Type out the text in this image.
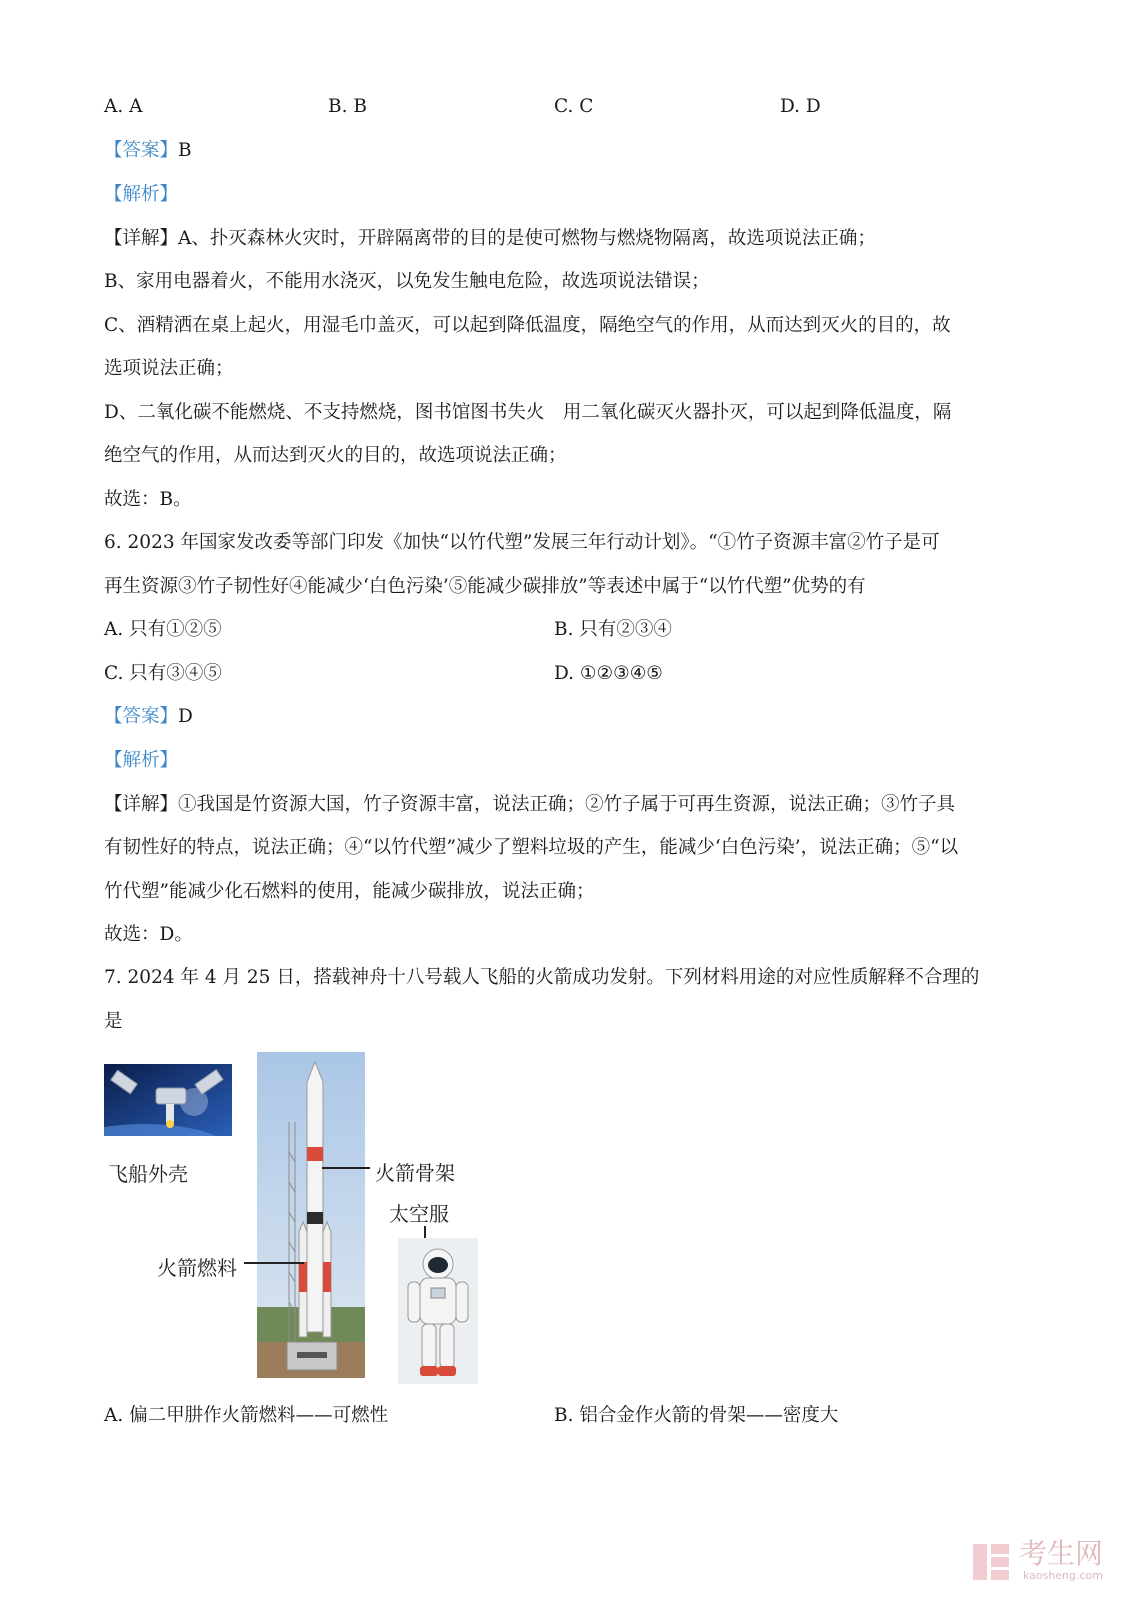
A. A	B. B	C. C	D. D
【答案】B
【解析】
【详解】A、扑灭森林火灾时，开辟隔离带的目的是使可燃物与燃烧物隔离，故选项说法正确；
B、家用电器着火，不能用水浇灭，以免发生触电危险，故选项说法错误；
C、酒精洒在桌上起火，用湿毛巾盖灭，可以起到降低温度，隔绝空气的作用，从而达到灭火的目的，故
选项说法正确；
D、二氧化碳不能燃烧、不支持燃烧，图书馆图书失火　用二氧化碳灭火器扑灭，可以起到降低温度，隔
绝空气的作用，从而达到灭火的目的，故选项说法正确；
故选：B。
6. 2023 年国家发改委等部门印发《加快“以竹代塑”发展三年行动计划》。“①竹子资源丰富②竹子是可
再生资源③竹子韧性好④能减少‘白色污染’⑤能减少碳排放”等表述中属于“以竹代塑”优势的有
A. 只有①②⑤	B. 只有②③④
C. 只有③④⑤	D. ①②③④⑤
【答案】D
【解析】
【详解】①我国是竹资源大国，竹子资源丰富，说法正确；②竹子属于可再生资源，说法正确；③竹子具
有韧性好的特点，说法正确；④“以竹代塑”减少了塑料垃圾的产生，能减少‘白色污染’，说法正确；⑤“以
竹代塑”能减少化石燃料的使用，能减少碳排放，说法正确；
故选：D。
7. 2024 年 4 月 25 日，搭载神舟十八号载人飞船的火箭成功发射。下列材料用途的对应性质解释不合理的
是
飞船外壳	火箭骨架
太空服
火箭燃料
A. 偏二甲肼作火箭燃料——可燃性	B. 铝合金作火箭的骨架——密度大
考生网
kaosheng.com
